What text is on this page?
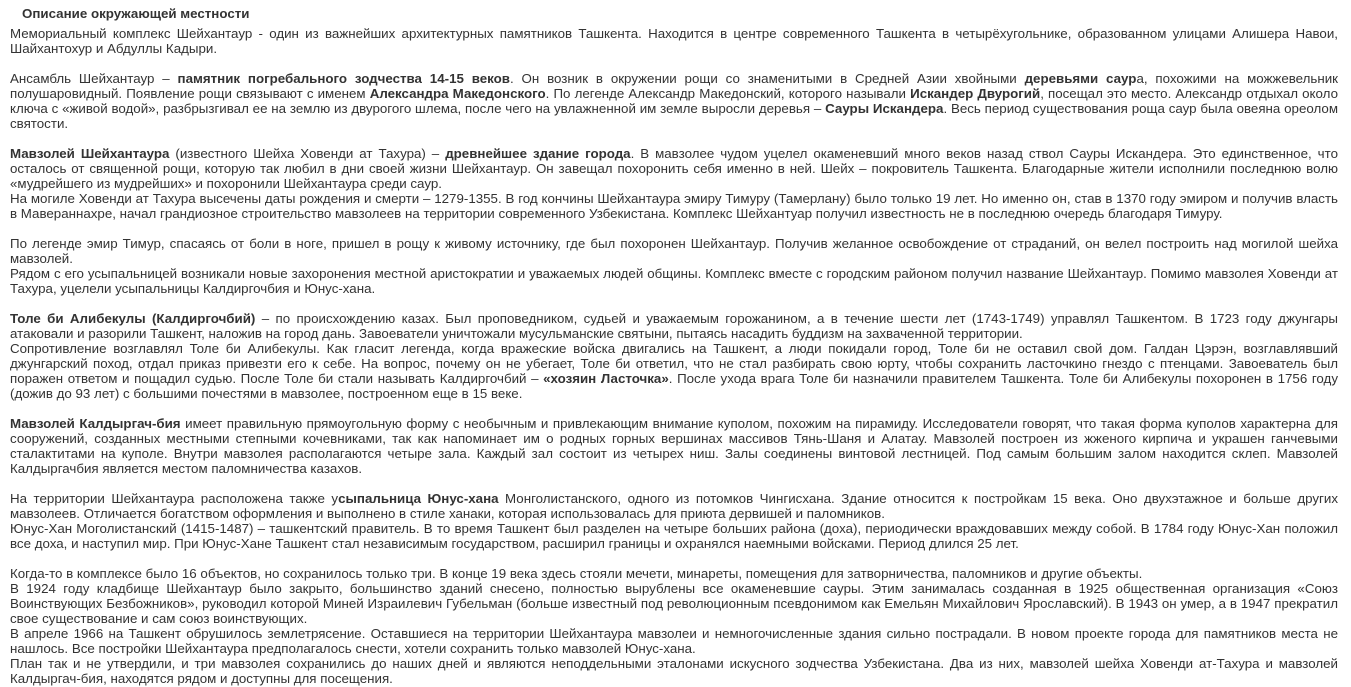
Описание окружающей местности
Мемориальный комплекс Шейхантаур - один из важнейших архитектурных памятников Ташкента. Находится в центре современного Ташкента в четырёхугольнике, образованном улицами Алишера Навои, Шайхантохур и Абдуллы Кадыри.
Ансамбль Шейхантаур – памятник погребального зодчества 14-15 веков. Он возник в окружении рощи со знаменитыми в Средней Азии хвойными деревьями саура, похожими на можжевельник полушаровидный. Появление рощи связывают с именем Александра Македонского. По легенде Александр Македонский, которого называли Искандер Двурогий, посещал это место. Александр отдыхал около ключа с «живой водой», разбрызгивал ее на землю из двурогого шлема, после чего на увлажненной им земле выросли деревья – Сауры Искандера. Весь период существования роща саур была овеяна ореолом святости.
Мавзолей Шейхантаура (известного Шейха Ховенди ат Тахура) – древнейшее здание города. В мавзолее чудом уцелел окаменевший много веков назад ствол Сауры Искандера. Это единственное, что осталось от священной рощи, которую так любил в дни своей жизни Шейхантаур. Он завещал похоронить себя именно в ней. Шейх – покровитель Ташкента. Благодарные жители исполнили последнюю волю «мудрейшего из мудрейших» и похоронили Шейхантаура среди саур.
На могиле Ховенди ат Тахура высечены даты рождения и смерти – 1279-1355. В год кончины Шейхантаура эмиру Тимуру (Тамерлану) было только 19 лет. Но именно он, став в 1370 году эмиром и получив власть в Мавераннахре, начал грандиозное строительство мавзолеев на территории современного Узбекистана. Комплекс Шейхантуар получил известность не в последнюю очередь благодаря Тимуру.
По легенде эмир Тимур, спасаясь от боли в ноге, пришел в рощу к живому источнику, где был похоронен Шейхантаур. Получив желанное освобождение от страданий, он велел построить над могилой шейха мавзолей.
Рядом с его усыпальницей возникали новые захоронения местной аристократии и уважаемых людей общины. Комплекс вместе с городским районом получил название Шейхантаур. Помимо мавзолея Ховенди ат Тахура, уцелели усыпальницы Калдиргочбия и Юнус-хана.
Толе би Алибекулы (Калдиргочбий) – по происхождению казах. Был проповедником, судьей и уважаемым горожанином, а в течение шести лет (1743-1749) управлял Ташкентом. В 1723 году джунгары атаковали и разорили Ташкент, наложив на город дань. Завоеватели уничтожали мусульманские святыни, пытаясь насадить буддизм на захваченной территории.
Сопротивление возглавлял Толе би Алибекулы. Как гласит легенда, когда вражеские войска двигались на Ташкент, а люди покидали город, Толе би не оставил свой дом. Галдан Цэрэн, возглавлявший джунгарский поход, отдал приказ привезти его к себе. На вопрос, почему он не убегает, Толе би ответил, что не стал разбирать свою юрту, чтобы сохранить ласточкино гнездо с птенцами. Завоеватель был поражен ответом и пощадил судью. После Толе би стали называть Калдиргочбий – «хозяин Ласточка». После ухода врага Толе би назначили правителем Ташкента. Толе би Алибекулы похоронен в 1756 году (дожив до 93 лет) с большими почестями в мавзолее, построенном еще в 15 веке.
Мавзолей Калдыргач-бия имеет правильную прямоугольную форму с необычным и привлекающим внимание куполом, похожим на пирамиду. Исследователи говорят, что такая форма куполов характерна для сооружений, созданных местными степными кочевниками, так как напоминает им о родных горных вершинах массивов Тянь-Шаня и Алатау. Мавзолей построен из жженого кирпича и украшен ганчевыми сталактитами на куполе. Внутри мавзолея располагаются четыре зала. Каждый зал состоит из четырех ниш. Залы соединены винтовой лестницей. Под самым большим залом находится склеп. Мавзолей Калдыргачбия является местом паломничества казахов.
На территории Шейхантаура расположена также усыпальница Юнус-хана Монголистанского, одного из потомков Чингисхана. Здание относится к постройкам 15 века. Оно двухэтажное и больше других мавзолеев. Отличается богатством оформления и выполнено в стиле ханаки, которая использовалась для приюта дервишей и паломников.
Юнус-Хан Моголистанский (1415-1487) – ташкентский правитель. В то время Ташкент был разделен на четыре больших района (доха), периодически враждовавших между собой. В 1784 году Юнус-Хан положил все доха, и наступил мир. При Юнус-Хане Ташкент стал независимым государством, расширил границы и охранялся наемными войсками. Период длился 25 лет.
Когда-то в комплексе было 16 объектов, но сохранилось только три. В конце 19 века здесь стояли мечети, минареты, помещения для затворничества, паломников и другие объекты.
В 1924 году кладбище Шейхантаур было закрыто, большинство зданий снесено, полностью вырублены все окаменевшие сауры. Этим занималась созданная в 1925 общественная организация «Союз Воинствующих Безбожников», руководил которой Миней Израилевич Губельман (больше известный под революционным псевдонимом как Емельян Михайлович Ярославский). В 1943 он умер, а в 1947 прекратил свое существование и сам союз воинствующих.
В апреле 1966 на Ташкент обрушилось землетрясение. Оставшиеся на территории Шейхантаура мавзолеи и немногочисленные здания сильно пострадали. В новом проекте города для памятников места не нашлось. Все постройки Шейхантаура предполагалось снести, хотели сохранить только мавзолей Юнус-хана.
План так и не утвердили, и три мавзолея сохранились до наших дней и являются неподдельными эталонами искусного зодчества Узбекистана. Два из них, мавзолей шейха Ховенди ат-Тахура и мавзолей Калдыргач-бия, находятся рядом и доступны для посещения.
